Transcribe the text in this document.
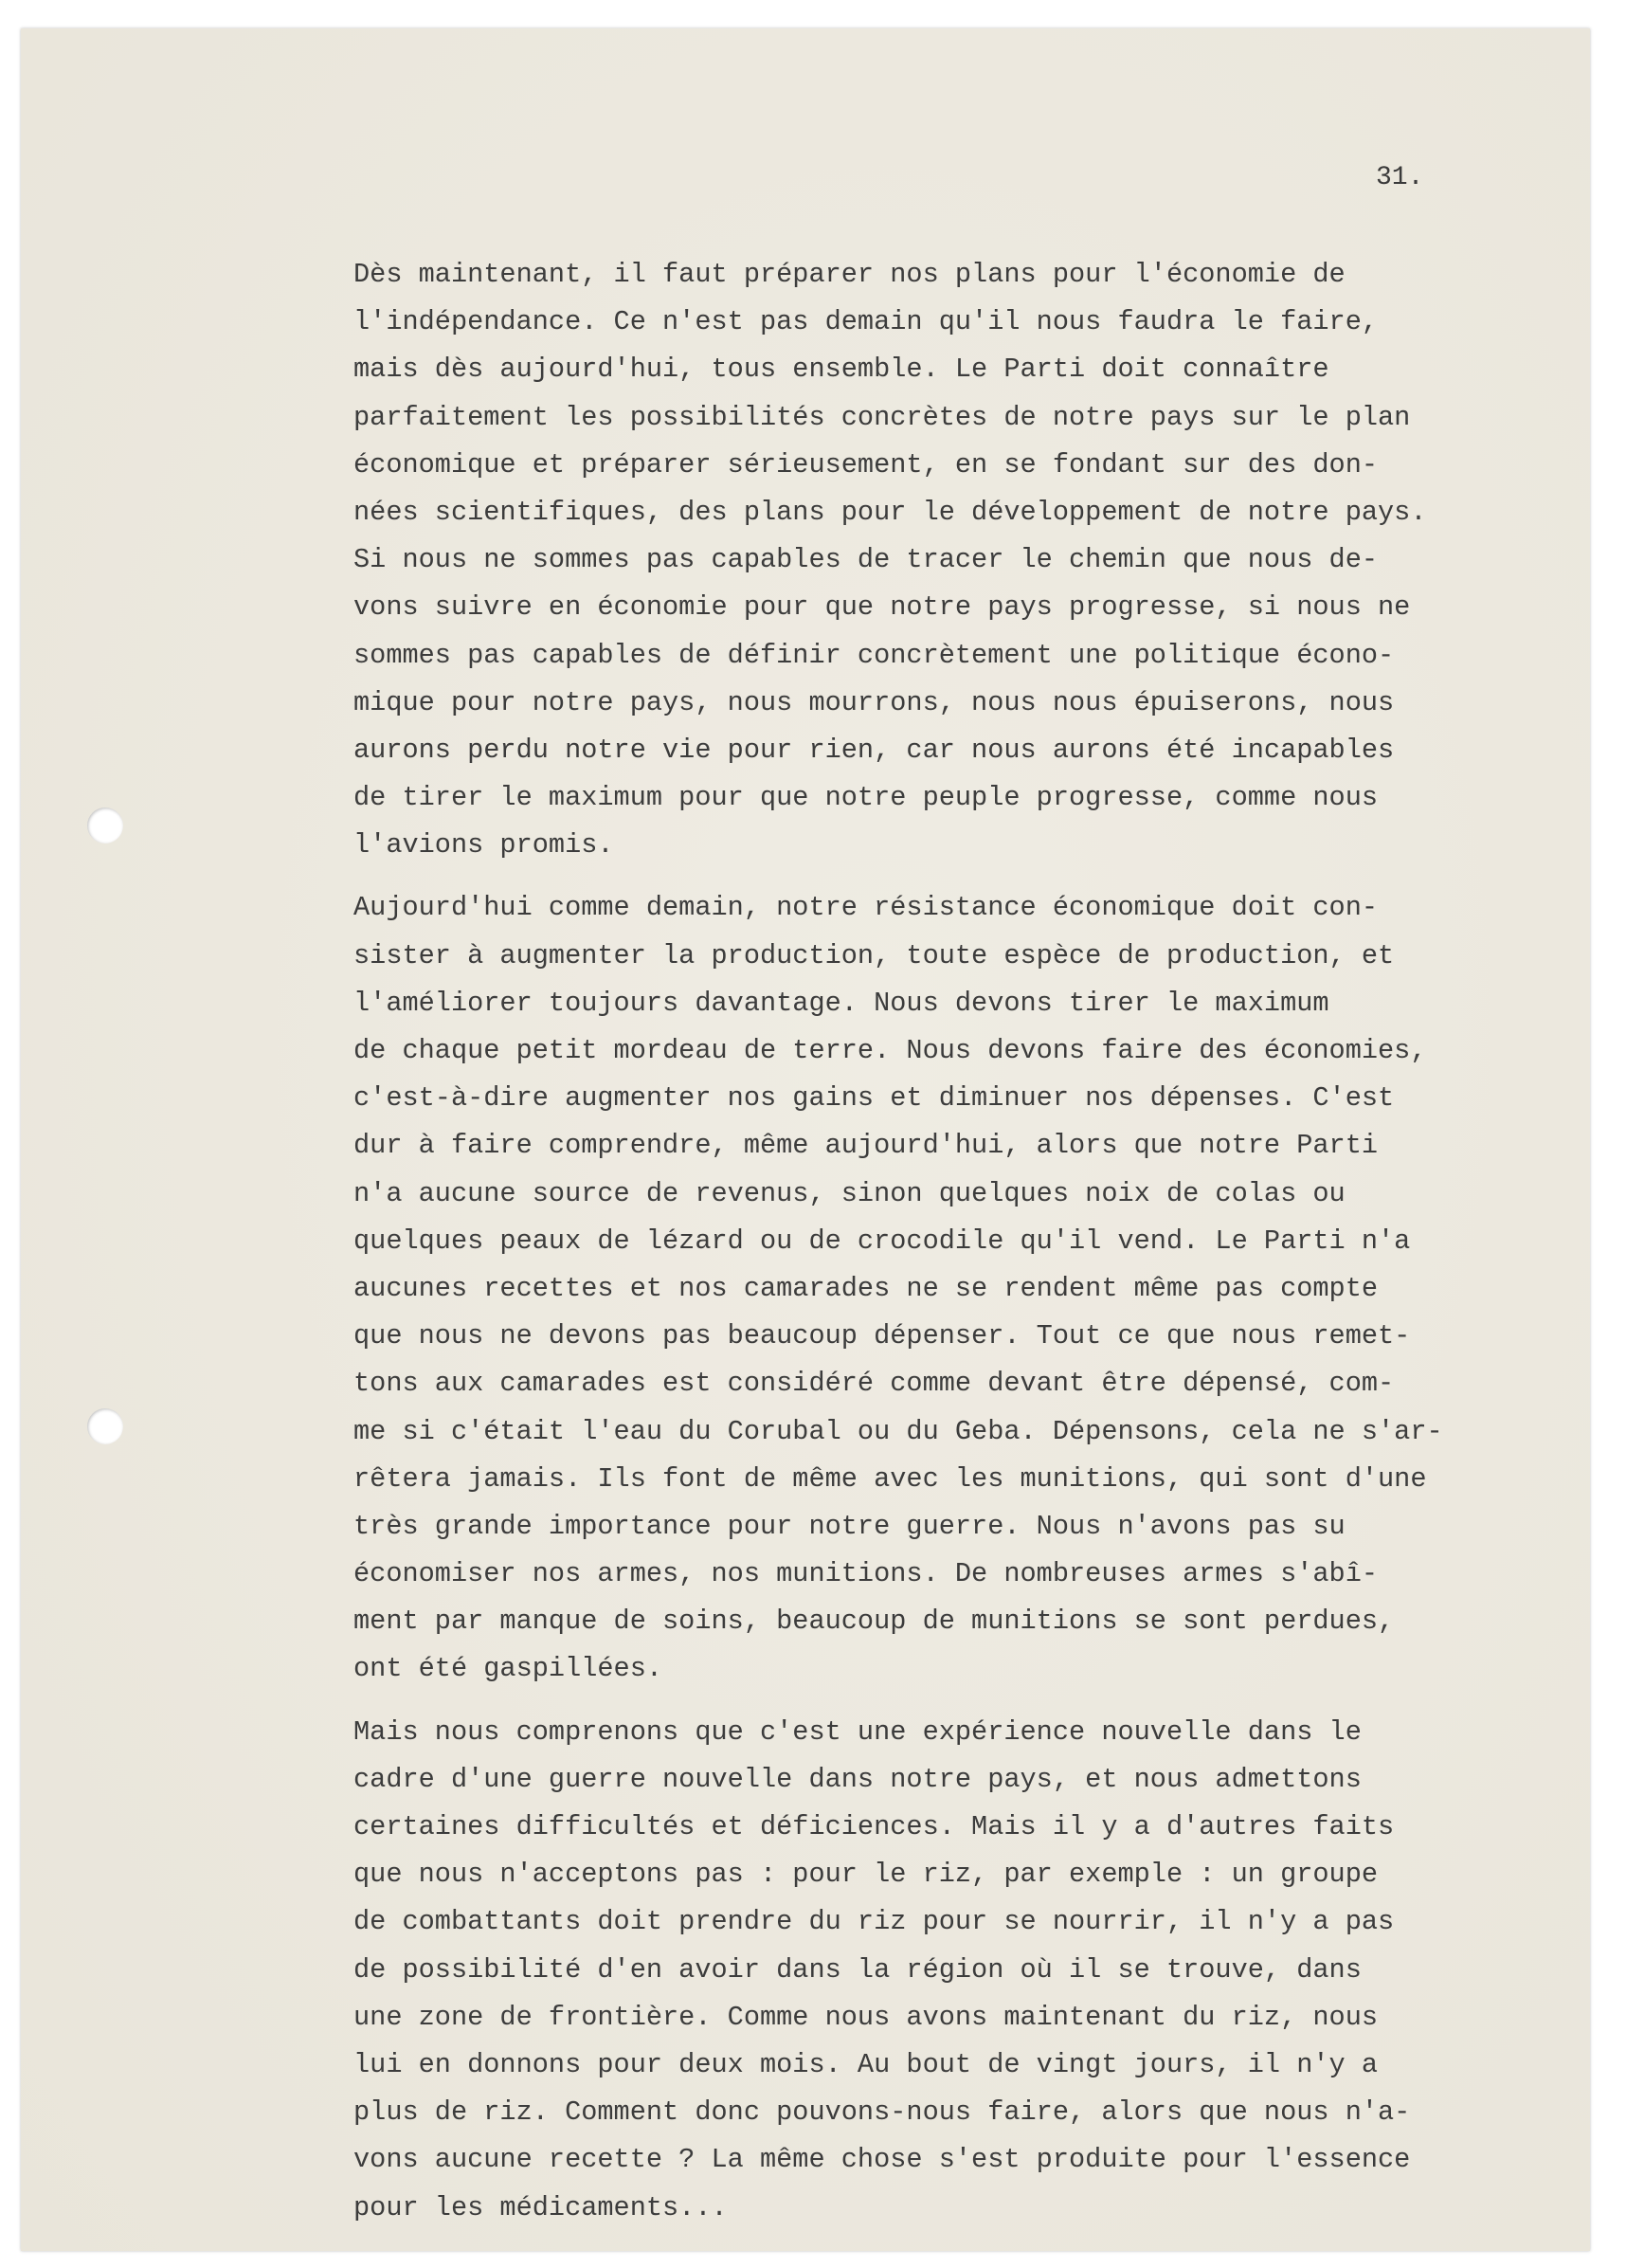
31.

Dès maintenant, il faut préparer nos plans pour l'économie de
l'indépendance. Ce n'est pas demain qu'il nous faudra le faire,
mais dès aujourd'hui, tous ensemble. Le Parti doit connaître
parfaitement les possibilités concrètes de notre pays sur le plan
économique et préparer sérieusement, en se fondant sur des don-
nées scientifiques, des plans pour le développement de notre pays.
Si nous ne sommes pas capables de tracer le chemin que nous de-
vons suivre en économie pour que notre pays progresse, si nous ne
sommes pas capables de définir concrètement une politique écono-
mique pour notre pays, nous mourrons, nous nous épuiserons, nous
aurons perdu notre vie pour rien, car nous aurons été incapables
de tirer le maximum pour que notre peuple progresse, comme nous
l'avions promis.
Aujourd'hui comme demain, notre résistance économique doit con-
sister à augmenter la production, toute espèce de production, et
l'améliorer toujours davantage. Nous devons tirer le maximum
de chaque petit mordeau de terre. Nous devons faire des économies,
c'est-à-dire augmenter nos gains et diminuer nos dépenses. C'est
dur à faire comprendre, même aujourd'hui, alors que notre Parti
n'a aucune source de revenus, sinon quelques noix de colas ou
quelques peaux de lézard ou de crocodile qu'il vend. Le Parti n'a
aucunes recettes et nos camarades ne se rendent même pas compte
que nous ne devons pas beaucoup dépenser. Tout ce que nous remet-
tons aux camarades est considéré comme devant être dépensé, com-
me si c'était l'eau du Corubal ou du Geba. Dépensons, cela ne s'ar-
rêtera jamais. Ils font de même avec les munitions, qui sont d'une
très grande importance pour notre guerre. Nous n'avons pas su
économiser nos armes, nos munitions. De nombreuses armes s'abî-
ment par manque de soins, beaucoup de munitions se sont perdues,
ont été gaspillées.
Mais nous comprenons que c'est une expérience nouvelle dans le
cadre d'une guerre nouvelle dans notre pays, et nous admettons
certaines difficultés et déficiences. Mais il y a d'autres faits
que nous n'acceptons pas : pour le riz, par exemple : un groupe
de combattants doit prendre du riz pour se nourrir, il n'y a pas
de possibilité d'en avoir dans la région où il se trouve, dans
une zone de frontière. Comme nous avons maintenant du riz, nous
lui en donnons pour deux mois. Au bout de vingt jours, il n'y a
plus de riz. Comment donc pouvons-nous faire, alors que nous n'a-
vons aucune recette ? La même chose s'est produite pour l'essence
pour les médicaments...
